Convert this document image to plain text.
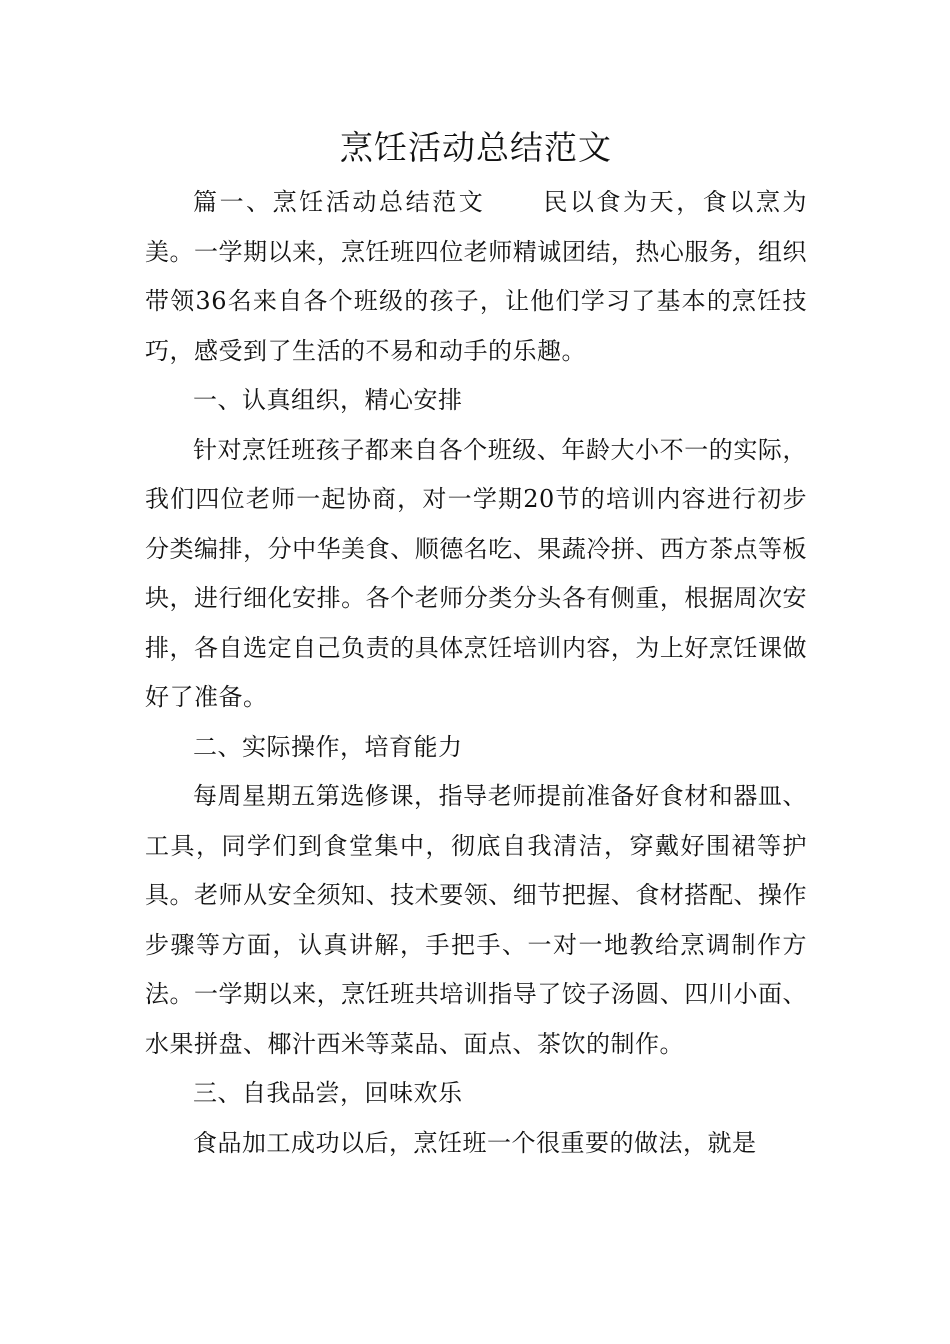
烹饪活动总结范文

篇一、烹饪活动总结范文 民以食为天，食以烹为美。一学期以来，烹饪班四位老师精诚团结，热心服务，组织带领36名来自各个班级的孩子，让他们学习了基本的烹饪技巧，感受到了生活的不易和动手的乐趣。

一、认真组织，精心安排

针对烹饪班孩子都来自各个班级、年龄大小不一的实际，我们四位老师一起协商，对一学期20节的培训内容进行初步分类编排，分中华美食、顺德名吃、果蔬冷拼、西方茶点等板块，进行细化安排。各个老师分类分头各有侧重，根据周次安排，各自选定自己负责的具体烹饪培训内容，为上好烹饪课做好了准备。

二、实际操作，培育能力

每周星期五第选修课，指导老师提前准备好食材和器皿、工具，同学们到食堂集中，彻底自我清洁，穿戴好围裙等护具。老师从安全须知、技术要领、细节把握、食材搭配、操作步骤等方面，认真讲解，手把手、一对一地教给烹调制作方法。一学期以来，烹饪班共培训指导了饺子汤圆、四川小面、水果拼盘、椰汁西米等菜品、面点、茶饮的制作。

三、自我品尝，回味欢乐

食品加工成功以后，烹饪班一个很重要的做法，就是
